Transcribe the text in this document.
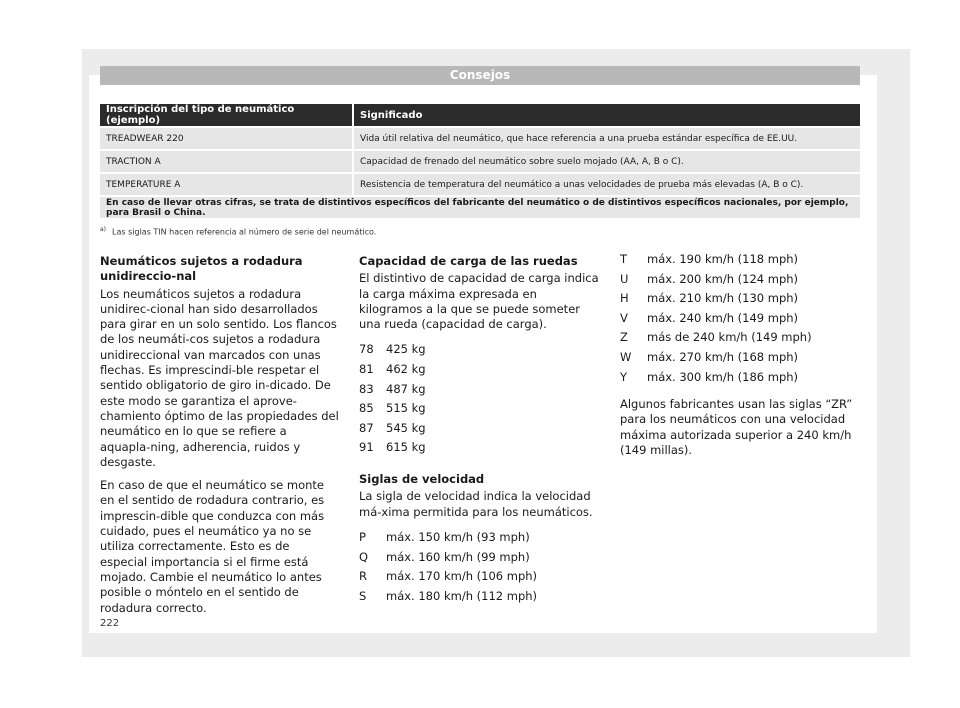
Consejos
Inscripción del tipo de neumático (ejemplo)	Significado
TREADWEAR 220	Vida útil relativa del neumático, que hace referencia a una prueba estándar específica de EE.UU.
TRACTION A	Capacidad de frenado del neumático sobre suelo mojado (AA, A, B o C).
TEMPERATURE A	Resistencia de temperatura del neumático a unas velocidades de prueba más elevadas (A, B o C).
En caso de llevar otras cifras, se trata de distintivos específicos del fabricante del neumático o de distintivos específicos nacionales, por ejemplo, para Brasil o China.	
$^{a)}$ Las siglas TIN hacen referencia al número de serie del neumático.
Neumáticos sujetos a rodadura unidireccio-nal

Los neumáticos sujetos a rodadura unidirec-cional han sido desarrollados para girar en un solo sentido. Los flancos de los neumáti-cos sujetos a rodadura unidireccional van marcados con unas flechas. Es imprescindi-ble respetar el sentido obligatorio de giro in-dicado. De este modo se garantiza el aprove-chamiento óptimo de las propiedades del neumático en lo que se refiere a aquapla-ning, adherencia, ruidos y desgaste.

En caso de que el neumático se monte en el sentido de rodadura contrario, es imprescin-dible que conduzca con más cuidado, pues el neumático ya no se utiliza correctamente. Esto es de especial importancia si el firme está mojado. Cambie el neumático lo antes posible o móntelo en el sentido de rodadura correcto.

Capacidad de carga de las ruedas

El distintivo de capacidad de carga indica la carga máxima expresada en kilogramos a la que se puede someter una rueda (capacidad de carga).

78	425 kg
81	462 kg
83	487 kg
85	515 kg
87	545 kg
91	615 kg
Siglas de velocidad

La sigla de velocidad indica la velocidad má-xima permitida para los neumáticos.

P	máx. 150 km/h (93 mph)
Q	máx. 160 km/h (99 mph)
R	máx. 170 km/h (106 mph)
S	máx. 180 km/h (112 mph)
T	máx. 190 km/h (118 mph)
U	máx. 200 km/h (124 mph)
H	máx. 210 km/h (130 mph)
V	máx. 240 km/h (149 mph)
Z	más de 240 km/h (149 mph)
W	máx. 270 km/h (168 mph)
Y	máx. 300 km/h (186 mph)

Algunos fabricantes usan las siglas “ZR” para los neumáticos con una velocidad máxima autorizada superior a 240 km/h (149 millas).

222
